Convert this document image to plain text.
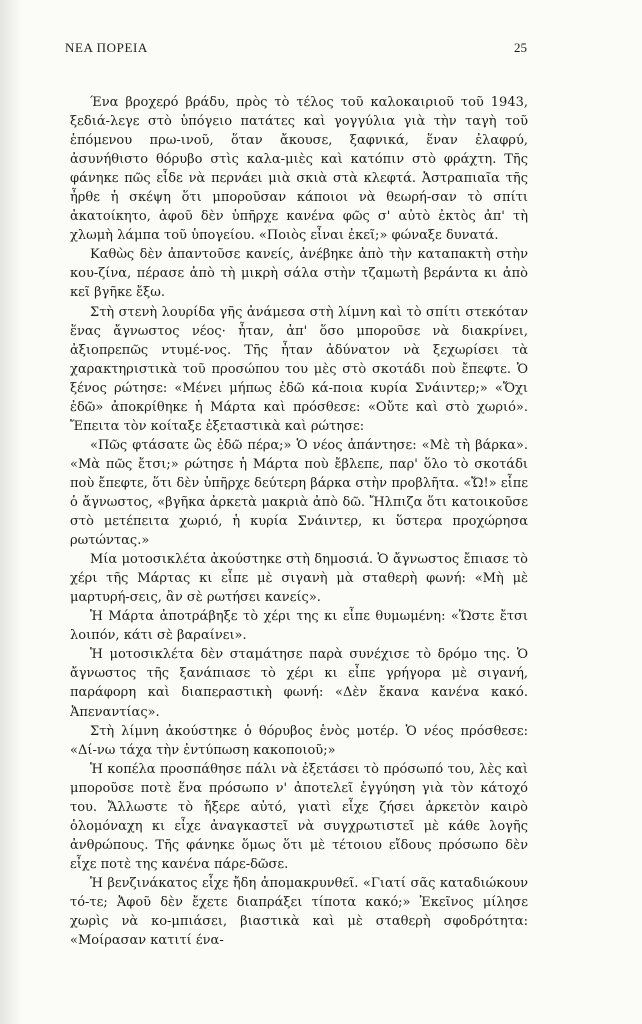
ΝΕΑ ΠΟΡΕΙΑ	25

Ένα βροχερό βράδυ, πρὸς τὸ τέλος τοῦ καλοκαιριοῦ τοῦ 1943, ξεδιά-λεγε στὸ ὑπόγειο πατάτες καὶ γογγύλια γιὰ τὴν ταγὴ τοῦ ἑπόμενου πρω-ινοῦ, ὅταν ἄκουσε, ξαφνικά, ἕναν ἐλαφρύ, ἀσυνήθιστο θόρυβο στὶς καλα-μιὲς καὶ κατόπιν στὸ φράχτη. Τῆς φάνηκε πῶς εἶδε νὰ περνάει μιὰ σκιὰ στὰ κλεφτά. Ἀστραπιαῖα τῆς ἦρθε ἡ σκέψη ὅτι μποροῦσαν κάποιοι νὰ θεωρή-σαν τὸ σπίτι ἀκατοίκητο, ἀφοῦ δὲν ὑπῆρχε κανένα φῶς σ' αὐτὸ ἐκτὸς ἀπ' τὴ χλωμὴ λάμπα τοῦ ὑπογείου. «Ποιὸς εἶναι ἐκεῖ;» φώναξε δυνατά.

Καθὼς δὲν ἀπαντοῦσε κανείς, ἀνέβηκε ἀπὸ τὴν καταπακτὴ στὴν κου-ζίνα, πέρασε ἀπὸ τὴ μικρὴ σάλα στὴν τζαμωτὴ βεράντα κι ἀπὸ κεῖ βγῆκε ἔξω.

Στὴ στενὴ λουρίδα γῆς ἀνάμεσα στὴ λίμνη καὶ τὸ σπίτι στεκόταν ἕνας ἄγνωστος νέος· ἦταν, ἀπ' ὅσο μποροῦσε νὰ διακρίνει, ἀξιοπρεπῶς ντυμέ-νος. Τῆς ἦταν ἀδύνατον νὰ ξεχωρίσει τὰ χαρακτηριστικὰ τοῦ προσώπου του μὲς στὸ σκοτάδι ποὺ ἔπεφτε. Ὁ ξένος ρώτησε: «Μένει μήπως ἐδῶ κά-ποια κυρία Σνάιντερ;» «Ὄχι ἐδῶ» ἀποκρίθηκε ἡ Μάρτα καὶ πρόσθεσε: «Οὔτε καὶ στὸ χωριό». Ἔπειτα τὸν κοίταξε ἐξεταστικὰ καὶ ρώτησε:

«Πῶς φτάσατε ὣς ἐδῶ πέρα;» Ὁ νέος ἀπάντησε: «Μὲ τὴ βάρκα». «Μὰ πῶς ἔτσι;» ρώτησε ἡ Μάρτα ποὺ ἔβλεπε, παρ' ὅλο τὸ σκοτάδι ποὺ ἔπεφτε, ὅτι δὲν ὑπῆρχε δεύτερη βάρκα στὴν προβλῆτα. «Ὤ!» εἶπε ὁ ἄγνωστος, «βγῆκα ἀρκετὰ μακριὰ ἀπὸ δῶ. Ἤλπιζα ὅτι κατοικοῦσε στὸ μετέπειτα χωριό, ἡ κυρία Σνάιντερ, κι ὕστερα προχώρησα ρωτώντας.»

Μία μοτοσικλέτα ἀκούστηκε στὴ δημοσιά. Ὁ ἄγνωστος ἔπιασε τὸ χέρι τῆς Μάρτας κι εἶπε μὲ σιγανὴ μὰ σταθερὴ φωνή: «Μὴ μὲ μαρτυρή-σεις, ἂν σὲ ρωτήσει κανείς».

Ἡ Μάρτα ἀποτράβηξε τὸ χέρι της κι εἶπε θυμωμένη: «Ὥστε ἔτσι λοιπόν, κάτι σὲ βαραίνει».

Ἡ μοτοσικλέτα δὲν σταμάτησε παρὰ συνέχισε τὸ δρόμο της. Ὁ ἄγνωστος τῆς ξανάπιασε τὸ χέρι κι εἶπε γρήγορα μὲ σιγανή, παράφορη καὶ διαπεραστικὴ φωνή: «Δὲν ἔκανα κανένα κακό. Ἀπεναντίας».

Στὴ λίμνη ἀκούστηκε ὁ θόρυβος ἑνὸς μοτέρ. Ὁ νέος πρόσθεσε: «Δί-νω τάχα τὴν ἐντύπωση κακοποιοῦ;»

Ἡ κοπέλα προσπάθησε πάλι νὰ ἐξετάσει τὸ πρόσωπό του, λὲς καὶ μποροῦσε ποτὲ ἕνα πρόσωπο ν' ἀποτελεῖ ἐγγύηση γιὰ τὸν κάτοχό του. Ἄλλωστε τὸ ἤξερε αὐτό, γιατὶ εἶχε ζήσει ἀρκετὸν καιρὸ ὁλομόναχη κι εἶχε ἀναγκαστεῖ νὰ συγχρωτιστεῖ μὲ κάθε λογῆς ἀνθρώπους. Τῆς φάνηκε ὅμως ὅτι μὲ τέτοιου εἴδους πρόσωπο δὲν εἶχε ποτὲ της κανένα πάρε-δῶσε.

Ἡ βενζινάκατος εἶχε ἤδη ἀπομακρυνθεῖ. «Γιατί σᾶς καταδιώκουν τό-τε; Ἀφοῦ δὲν ἔχετε διαπράξει τίποτα κακό;» Ἐκεῖνος μίλησε χωρὶς νὰ κο-μπιάσει, βιαστικὰ καὶ μὲ σταθερὴ σφοδρότητα: «Μοίρασαν κατιτί ένα-
